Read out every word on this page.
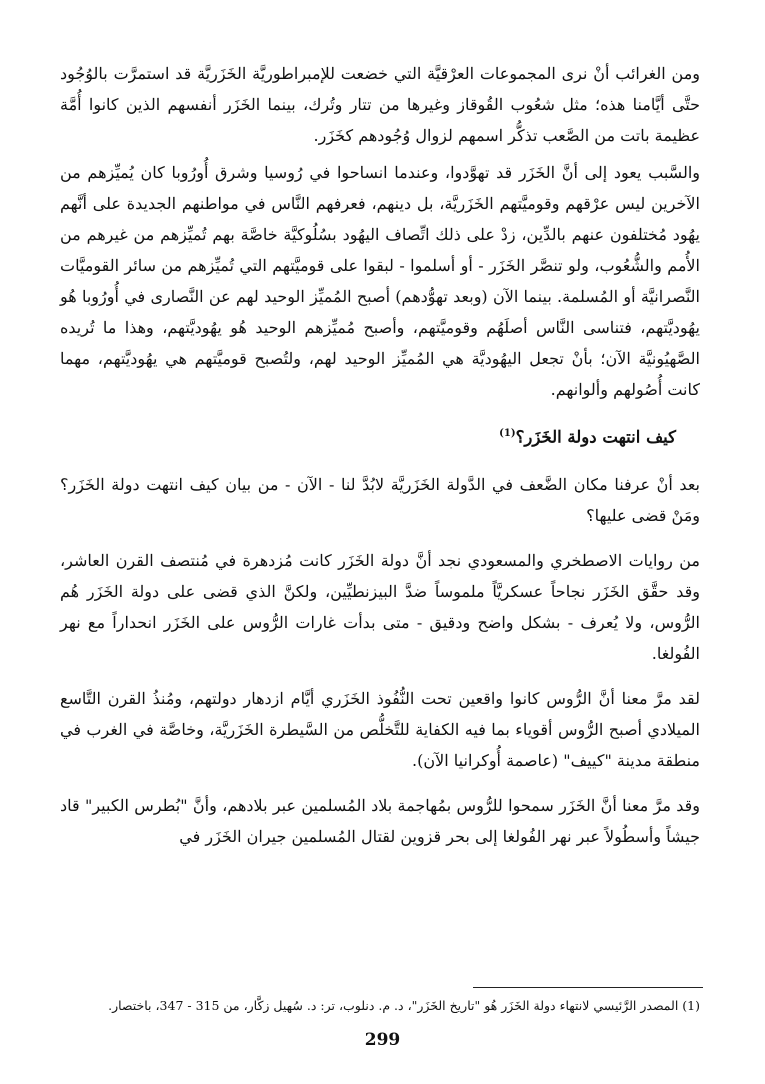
ومن الغرائب أنْ نرى المجموعات العرْقيَّة التي خضعت للإمبراطوريَّة الخَزَريَّة قد استمرَّت بالوُجُود حتَّى أيَّامنا هذه؛ مثل شعُوب القُوقاز وغيرها من تتار وتُرك، بينما الخَزَر أنفسهم الذين كانوا أُمَّة عظيمة باتت من الصَّعب تذكُّر اسمهم لزوال وُجُودهم كخَزَر.

والسَّبب يعود إلى أنَّ الخَزَر قد تهوَّدوا، وعندما انساحوا في رُوسيا وشرق أُورُوبا كان يُميِّزهم من الآخرين ليس عرْقهم وقوميَّتهم الخَزَريَّة، بل دينهم، فعرفهم النَّاس في مواطنهم الجديدة على أنَّهم يهُود مُختلفون عنهم بالدِّين، زدْ على ذلك اتِّصاف اليهُود بسُلُوكيَّة خاصَّة بهم تُميِّزهم من غيرهم من الأُمم والشُّعُوب، ولو تنصَّر الخَزَر - أو أسلموا - لبقوا على قوميَّتهم التي تُميِّزهم من سائر القوميَّات النَّصرانيَّة أو المُسلمة. بينما الآن (وبعد تهوُّدهم) أصبح المُميِّز الوحيد لهم عن النَّصارى في أُورُوبا هُو يهُوديَّتهم، فتناسى النَّاس أصلَهُم وقوميَّتهم، وأصبح مُميِّزهم الوحيد هُو يهُوديَّتهم، وهذا ما تُريده الصَّهيُونيَّة الآن؛ بأنْ تجعل اليهُوديَّة هي المُميِّز الوحيد لهم، ولتُصبح قوميَّتهم هي يهُوديَّتهم، مهما كانت أُصُولهم وألوانهم.

كيف انتهت دولة الخَزَر؟$^{(1)}$

بعد أنْ عرفنا مكان الضَّعف في الدَّولة الخَزَريَّة لابُدَّ لنا - الآن - من بيان كيف انتهت دولة الخَزَر؟ ومَنْ قضى عليها؟

من روايات الاصطخري والمسعودي نجد أنَّ دولة الخَزَر كانت مُزدهرة في مُنتصف القرن العاشر، وقد حقَّق الخَزَر نجاحاً عسكريَّاً ملموساً ضدَّ البيزنطيِّين، ولكنَّ الذي قضى على دولة الخَزَر هُم الرُّوس، ولا يُعرف - بشكل واضح ودقيق - متى بدأت غارات الرُّوس على الخَزَر انحداراً مع نهر الفُولغا.

لقد مرَّ معنا أنَّ الرُّوس كانوا واقعين تحت النُّفُوذ الخَزَري أيَّام ازدهار دولتهم، ومُنذُ القرن التَّاسع الميلادي أصبح الرُّوس أقوياء بما فيه الكفاية للتَّخلُّص من السَّيطرة الخَزَريَّة، وخاصَّة في الغرب في منطقة مدينة "كييف" (عاصمة أُوكرانيا الآن).

وقد مرَّ معنا أنَّ الخَزَر سمحوا للرُّوس بمُهاجمة بلاد المُسلمين عبر بلادهم، وأنَّ "بُطرس الكبير" قاد جيشاً وأسطُولاً عبر نهر الفُولغا إلى بحر قزوين لقتال المُسلمين جيران الخَزَر في

(1) المصدر الرَّئيسي لانتهاء دولة الخَزَر هُو "تاريخ الخَزَر"، د. م. دنلوب، تر: د. سُهيل زكَّار، من 315 - 347، باختصار.
299
